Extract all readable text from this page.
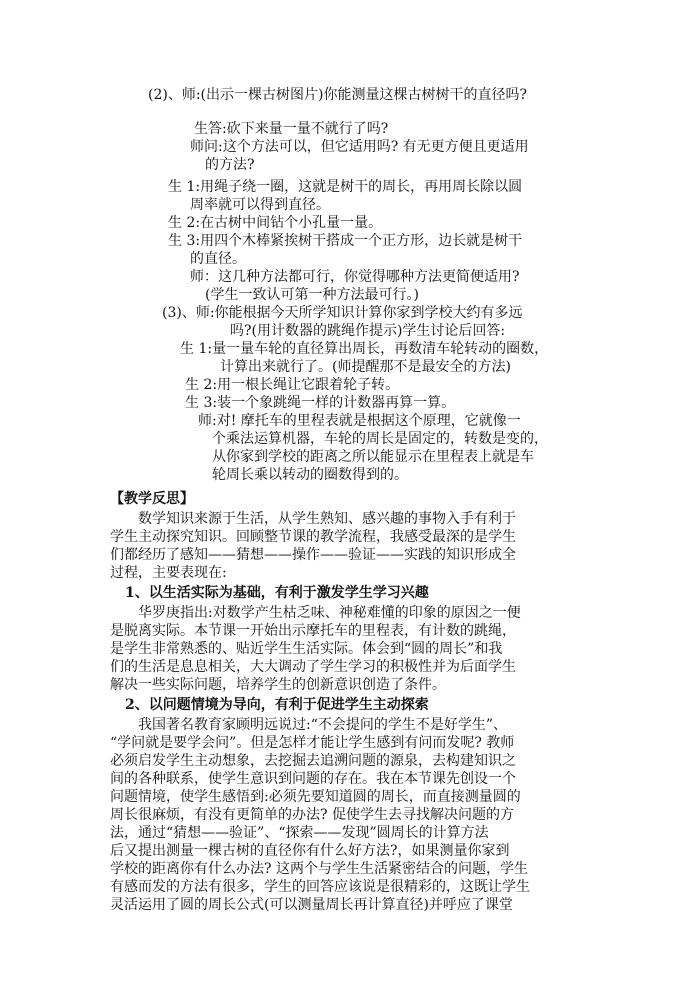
(2)、师:(出示一棵古树图片)你能测量这棵古树树干的直径吗?
生答:砍下来量一量不就行了吗?
师问:这个方法可以，但它适用吗? 有无更方便且更适用
的方法?
生 1:用绳子绕一圈，这就是树干的周长，再用周长除以圆
周率就可以得到直径。
生 2:在古树中间钻个小孔量一量。
生 3:用四个木棒紧挨树干搭成一个正方形，边长就是树干
的直径。
师：这几种方法都可行，你觉得哪种方法更简便适用?
(学生一致认可第一种方法最可行。)
(3)、师:你能根据今天所学知识计算你家到学校大约有多远
吗?(用计数器的跳绳作提示)学生讨论后回答:
生 1:量一量车轮的直径算出周长，再数清车轮转动的圈数，
计算出来就行了。(师提醒那不是最安全的方法)
生 2:用一根长绳让它跟着轮子转。
生 3:装一个象跳绳一样的计数器再算一算。
师:对! 摩托车的里程表就是根据这个原理，它就像一
个乘法运算机器，车轮的周长是固定的，转数是变的，
从你家到学校的距离之所以能显示在里程表上就是车
轮周长乘以转动的圈数得到的。
【教学反思】
数学知识来源于生活，从学生熟知、感兴趣的事物入手有利于
学生主动探究知识。回顾整节课的教学流程，我感受最深的是学生
们都经历了感知——猜想——操作——验证——实践的知识形成全
过程，主要表现在:
1、以生活实际为基础，有利于激发学生学习兴趣
华罗庚指出:对数学产生枯乏味、神秘难懂的印象的原因之一便
是脱离实际。本节课一开始出示摩托车的里程表，有计数的跳绳，
是学生非常熟悉的、贴近学生生活实际。体会到“圆的周长”和我
们的生活是息息相关，大大调动了学生学习的积极性并为后面学生
解决一些实际问题，培养学生的创新意识创造了条件。
2、以问题情境为导向，有利于促进学生主动探索
我国著名教育家顾明远说过:“不会提问的学生不是好学生”、
“学问就是要学会问”。但是怎样才能让学生感到有问而发呢? 教师
必须启发学生主动想象，去挖掘去追溯问题的源泉，去构建知识之
间的各种联系，使学生意识到问题的存在。我在本节课先创设一个
问题情境，使学生感悟到:必须先要知道圆的周长，而直接测量圆的
周长很麻烦，有没有更简单的办法? 促使学生去寻找解决问题的方
法，通过“猜想——验证”、“探索——发现”圆周长的计算方法
后又提出测量一棵古树的直径你有什么好方法?，如果测量你家到
学校的距离你有什么办法? 这两个与学生生活紧密结合的问题，学生
有感而发的方法有很多，学生的回答应该说是很精彩的，这既让学生
灵活运用了圆的周长公式(可以测量周长再计算直径)并呼应了课堂
